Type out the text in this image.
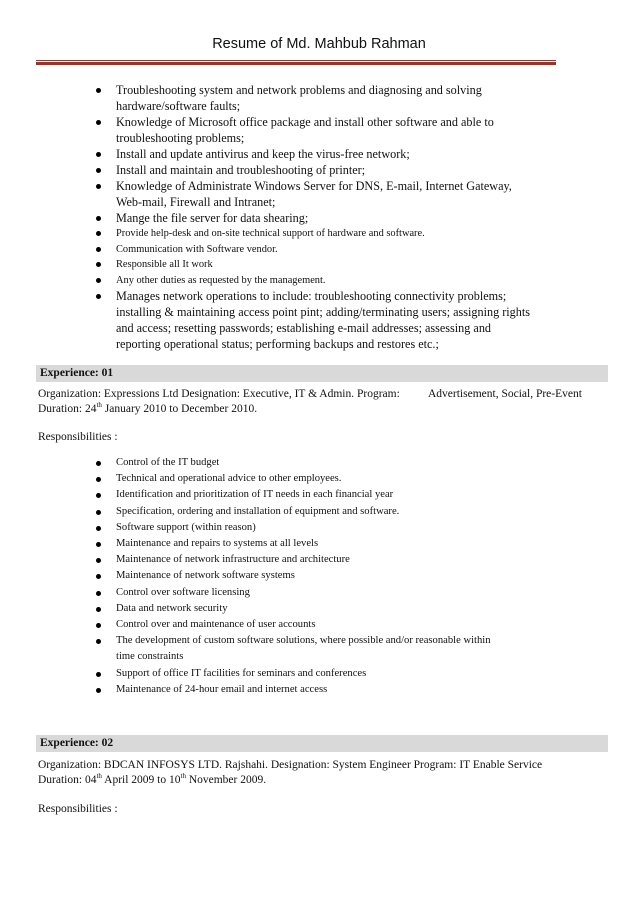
Resume of Md. Mahbub Rahman
Troubleshooting system and network problems and diagnosing and solving
hardware/software faults;
Knowledge of Microsoft office package and install other software and able to
troubleshooting problems;
Install and update antivirus and keep the virus-free network;
Install and maintain and troubleshooting of printer;
Knowledge of Administrate Windows Server for DNS, E-mail, Internet Gateway,
Web-mail, Firewall and Intranet;
Mange the file server for data shearing;
Provide help-desk and on-site technical support of hardware and software.
Communication with Software vendor.
Responsible all It work
Any other duties as requested by the management.
Manages network operations to include: troubleshooting connectivity problems;
installing & maintaining access point pint; adding/terminating users; assigning rights
and access; resetting passwords; establishing e-mail addresses; assessing and
reporting operational status; performing backups and restores etc.;
Experience: 01
Organization: Expressions Ltd Designation: Executive, IT & Admin. Program: Advertisement, Social, Pre-Event
Duration: 24th January 2010 to December 2010.
Responsibilities :
Control of the IT budget
Technical and operational advice to other employees.
Identification and prioritization of IT needs in each financial year
Specification, ordering and installation of equipment and software.
Software support (within reason)
Maintenance and repairs to systems at all levels
Maintenance of network infrastructure and architecture
Maintenance of network software systems
Control over software licensing
Data and network security
Control over and maintenance of user accounts
The development of custom software solutions, where possible and/or reasonable within
time constraints
Support of office IT facilities for seminars and conferences
Maintenance of 24-hour email and internet access
Experience: 02
Organization: BDCAN INFOSYS LTD. Rajshahi. Designation: System Engineer Program: IT Enable Service
Duration: 04th April 2009 to 10th November 2009.
Responsibilities :
